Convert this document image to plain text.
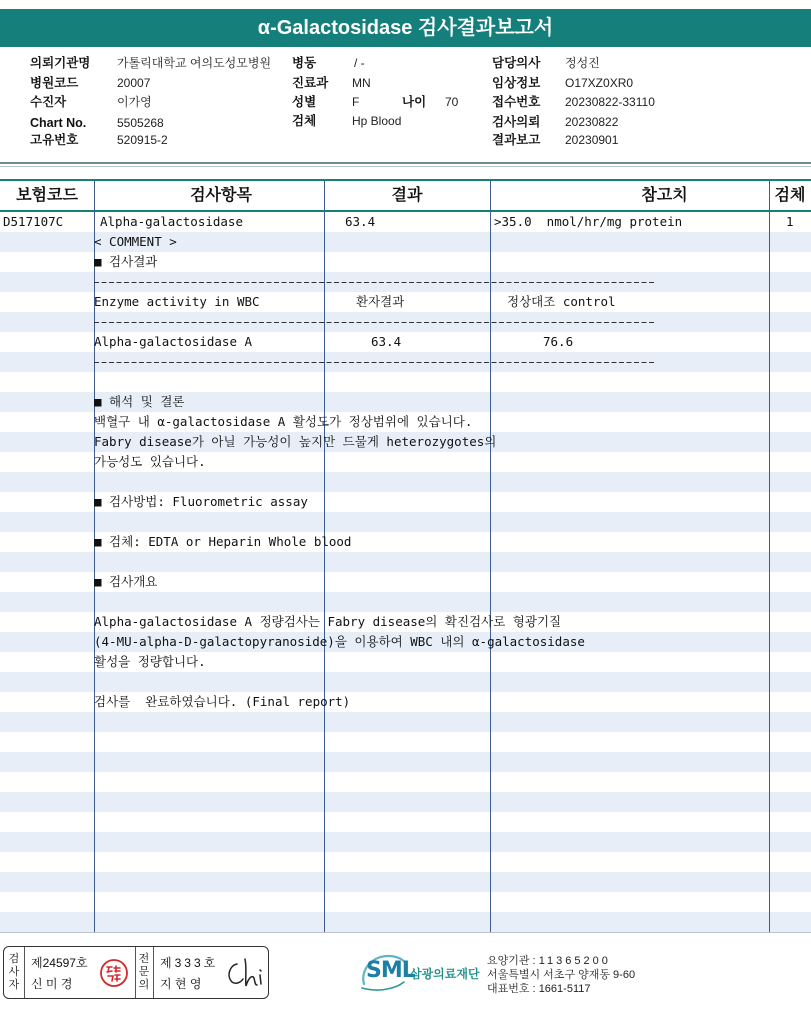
α-Galactosidase 검사결과보고서
의뢰기관명 가톨릭대학교 여의도성모병원
병원코드	20007
수진자	이가영
Chart No.	5505268
고유번호	520915-2
병동	/ -
진료과 MN
성별	F	나이 70
검체	Hp Blood
담당의사 정성진
임상정보 O17XZ0XR0
접수번호 20230822-33110
검사의뢰 20230822
결과보고 20230901
보험코드	검사항목	결과	참고치	검체
D517107C	Alpha-galactosidase	63.4	>35.0  nmol/hr/mg protein	1
< COMMENT >
■ 검사결과
Enzyme activity in WBC	환자결과	정상대조 control
Alpha-galactosidase A	63.4	76.6
■ 해석 및 결론
백혈구 내 α-galactosidase A 활성도가 정상범위에 있습니다.
Fabry disease가 아닐 가능성이 높지만 드물게 heterozygotes의
가능성도 있습니다.
■ 검사방법: Fluorometric assay
■ 검체: EDTA or Heparin Whole blood
■ 검사개요
Alpha-galactosidase A 정량검사는 Fabry disease의 확진검사로 형광기질
(4-MU-alpha-D-galactopyranoside)을 이용하여 WBC 내의 α-galactosidase
활성을 정량합니다.
검사를  완료하였습니다. (Final report)
검사자
제24597호
신 미 경
전문의
제333호
지 현 영
SML
삼광의료재단
요양기관 : 11365200
서울특별시 서초구 양재동 9-60
대표번호 : 1661-5117
